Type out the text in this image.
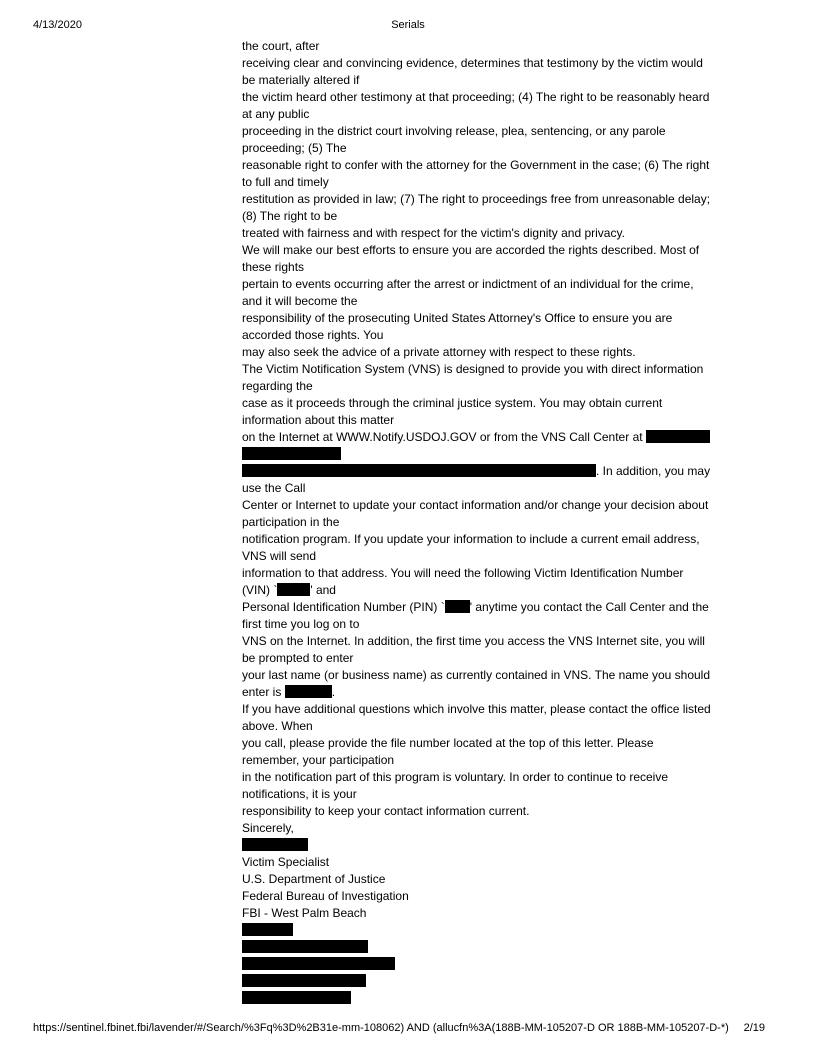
4/13/2020	Serials
the court, after
receiving clear and convincing evidence, determines that testimony by the victim would
be materially altered if
the victim heard other testimony at that proceeding; (4) The right to be reasonably heard
at any public
proceeding in the district court involving release, plea, sentencing, or any parole
proceeding; (5) The
reasonable right to confer with the attorney for the Government in the case; (6) The right
to full and timely
restitution as provided in law; (7) The right to proceedings free from unreasonable delay;
(8) The right to be
treated with fairness and with respect for the victim's dignity and privacy.
We will make our best efforts to ensure you are accorded the rights described. Most of
these rights
pertain to events occurring after the arrest or indictment of an individual for the crime,
and it will become the
responsibility of the prosecuting United States Attorney's Office to ensure you are
accorded those rights. You
may also seek the advice of a private attorney with respect to these rights.
The Victim Notification System (VNS) is designed to provide you with direct information
regarding the
case as it proceeds through the criminal justice system. You may obtain current
information about this matter
on the Internet at WWW.Notify.USDOJ.GOV or from the VNS Call Center at
. In addition, you may
use the Call
Center or Internet to update your contact information and/or change your decision about
participation in the
notification program. If you update your information to include a current email address,
VNS will send
information to that address. You will need the following Victim Identification Number
(VIN) `	' and
Personal Identification Number (PIN) ` ' anytime you contact the Call Center and the
first time you log on to
VNS on the Internet. In addition, the first time you access the VNS Internet site, you will
be prompted to enter
your last name (or business name) as currently contained in VNS. The name you should
enter is	.
If you have additional questions which involve this matter, please contact the office listed
above. When
you call, please provide the file number located at the top of this letter. Please
remember, your participation
in the notification part of this program is voluntary. In order to continue to receive
notifications, it is your
responsibility to keep your contact information current.
Sincerely,
Victim Specialist
U.S. Department of Justice
Federal Bureau of Investigation
FBI - West Palm Beach
https://sentinel.fbinet.fbi/lavender/#/Search/%3Fq%3D%2B31e-mm-108062) AND (allucfn%3A(188B-MM-105207-D OR 188B-MM-105207-D-*) 2/19
